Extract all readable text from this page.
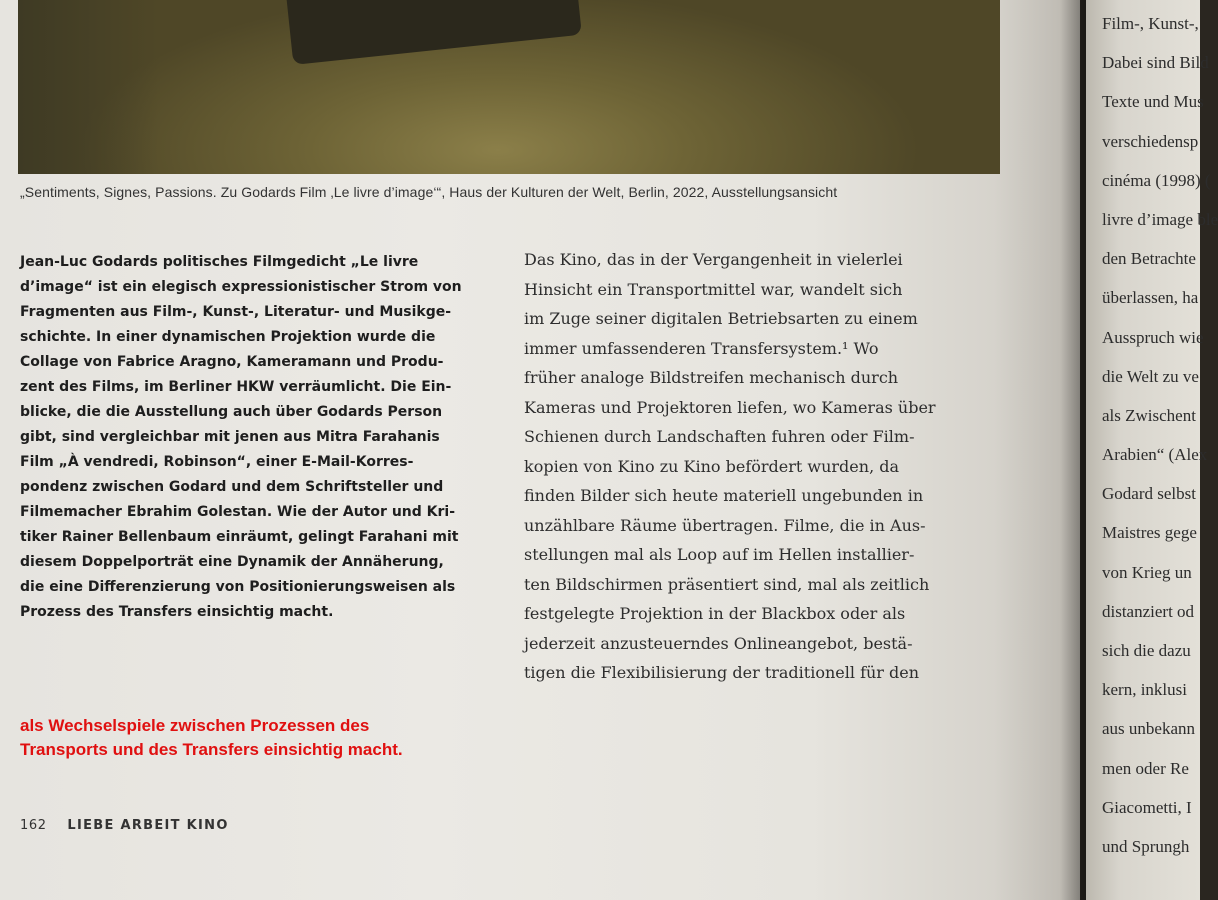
„Sentiments, Signes, Passions. Zu Godards Film ‚Le livre d’image‘“, Haus der Kulturen der Welt, Berlin, 2022, Ausstellungsansicht
Jean-Luc Godards politisches Filmgedicht „Le livre
d’image“ ist ein elegisch expressionistischer Strom von
Fragmenten aus Film-, Kunst-, Literatur- und Musikge-
schichte. In einer dynamischen Projektion wurde die
Collage von Fabrice Aragno, Kameramann und Produ-
zent des Films, im Berliner HKW verräumlicht. Die Ein-
blicke, die die Ausstellung auch über Godards Person
gibt, sind vergleichbar mit jenen aus Mitra Farahanis
Film „À vendredi, Robinson“, einer E-Mail-Korres-
pondenz zwischen Godard und dem Schriftsteller und
Filmemacher Ebrahim Golestan. Wie der Autor und Kri-
tiker Rainer Bellenbaum einräumt, gelingt Farahani mit
diesem Doppelporträt eine Dynamik der Annäherung,
die eine Differenzierung von Positionierungsweisen als
Prozess des Transfers einsichtig macht.
Das Kino, das in der Vergangenheit in vielerlei
Hinsicht ein Transportmittel war, wandelt sich
im Zuge seiner digitalen Betriebsarten zu einem
immer umfassenderen Transfersystem.¹ Wo
früher analoge Bildstreifen mechanisch durch
Kameras und Projektoren liefen, wo Kameras über
Schienen durch Landschaften fuhren oder Film-
kopien von Kino zu Kino befördert wurden, da
finden Bilder sich heute materiell ungebunden in
unzählbare Räume übertragen. Filme, die in Aus-
stellungen mal als Loop auf im Hellen installier-
ten Bildschirmen präsentiert sind, mal als zeitlich
festgelegte Projektion in der Blackbox oder als
jederzeit anzusteuerndes Onlineangebot, bestä-
tigen die Flexibilisierung der traditionell für den
als Wechselspiele zwischen Prozessen des
Transports und des Transfers einsichtig macht.
162 LIEBE ARBEIT KINO
Film-, Kunst-,
Dabei sind Bild
Texte und Mus
verschiedensp
cinéma (1998) (
livre d’image ble
den Betrachte
überlassen, ha
Ausspruch wie
die Welt zu ve
als Zwischent
Arabien“ (Alex
Godard selbst
Maistres gege
von Krieg un
distanziert od
sich die dazu
kern, inklusi
aus unbekann
men oder Re
Giacometti, I
und Sprungh
